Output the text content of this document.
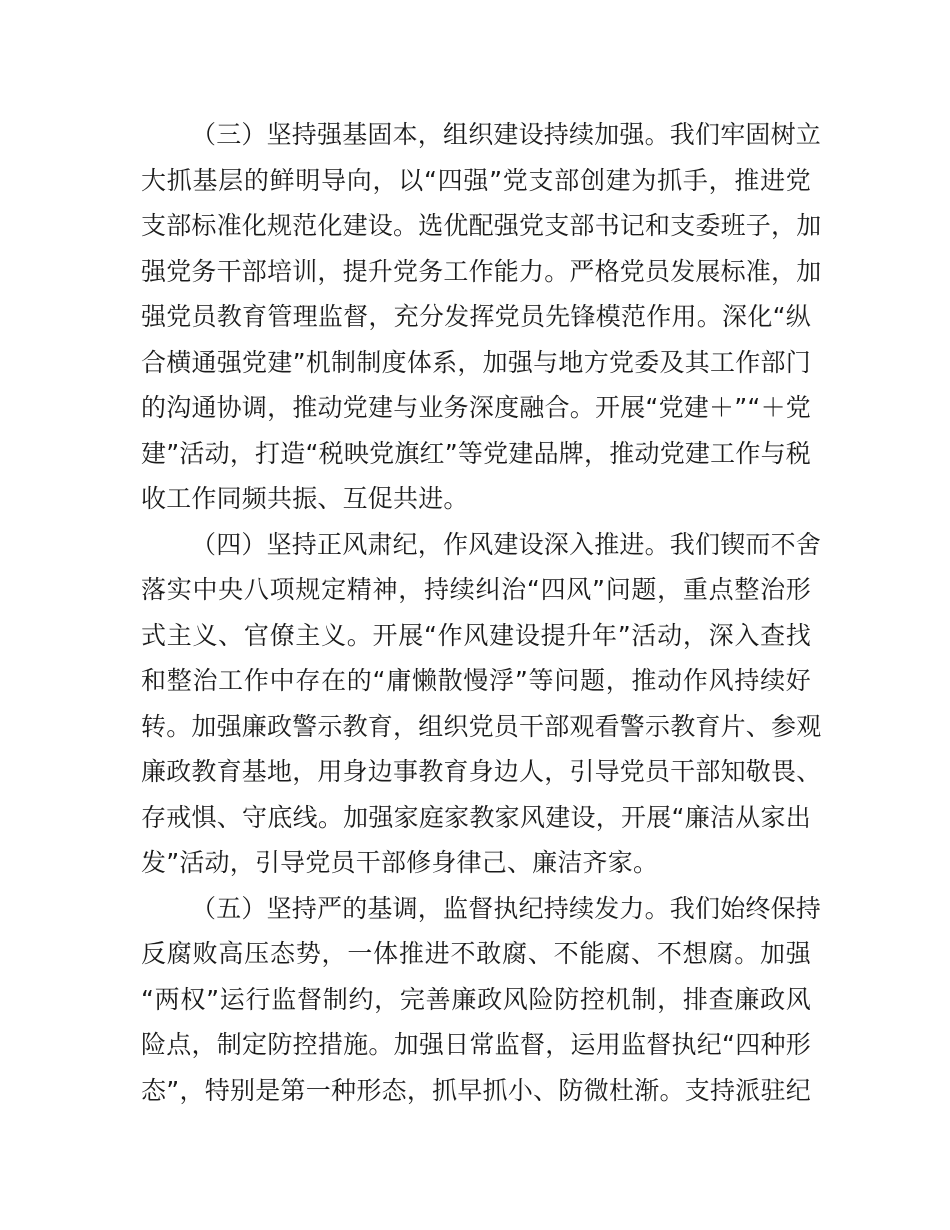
（三）坚持强基固本，组织建设持续加强。我们牢固树立
大抓基层的鲜明导向，以“四强”党支部创建为抓手，推进党
支部标准化规范化建设。选优配强党支部书记和支委班子，加
强党务干部培训，提升党务工作能力。严格党员发展标准，加
强党员教育管理监督，充分发挥党员先锋模范作用。深化“纵
合横通强党建”机制制度体系，加强与地方党委及其工作部门
的沟通协调，推动党建与业务深度融合。开展“党建＋”“＋党
建”活动，打造“税映党旗红”等党建品牌，推动党建工作与税
收工作同频共振、互促共进。
（四）坚持正风肃纪，作风建设深入推进。我们锲而不舍
落实中央八项规定精神，持续纠治“四风”问题，重点整治形
式主义、官僚主义。开展“作风建设提升年”活动，深入查找
和整治工作中存在的“庸懒散慢浮”等问题，推动作风持续好
转。加强廉政警示教育，组织党员干部观看警示教育片、参观
廉政教育基地，用身边事教育身边人，引导党员干部知敬畏、
存戒惧、守底线。加强家庭家教家风建设，开展“廉洁从家出
发”活动，引导党员干部修身律己、廉洁齐家。
（五）坚持严的基调，监督执纪持续发力。我们始终保持
反腐败高压态势，一体推进不敢腐、不能腐、不想腐。加强
“两权”运行监督制约，完善廉政风险防控机制，排查廉政风
险点，制定防控措施。加强日常监督，运用监督执纪“四种形
态”，特别是第一种形态，抓早抓小、防微杜渐。支持派驻纪
